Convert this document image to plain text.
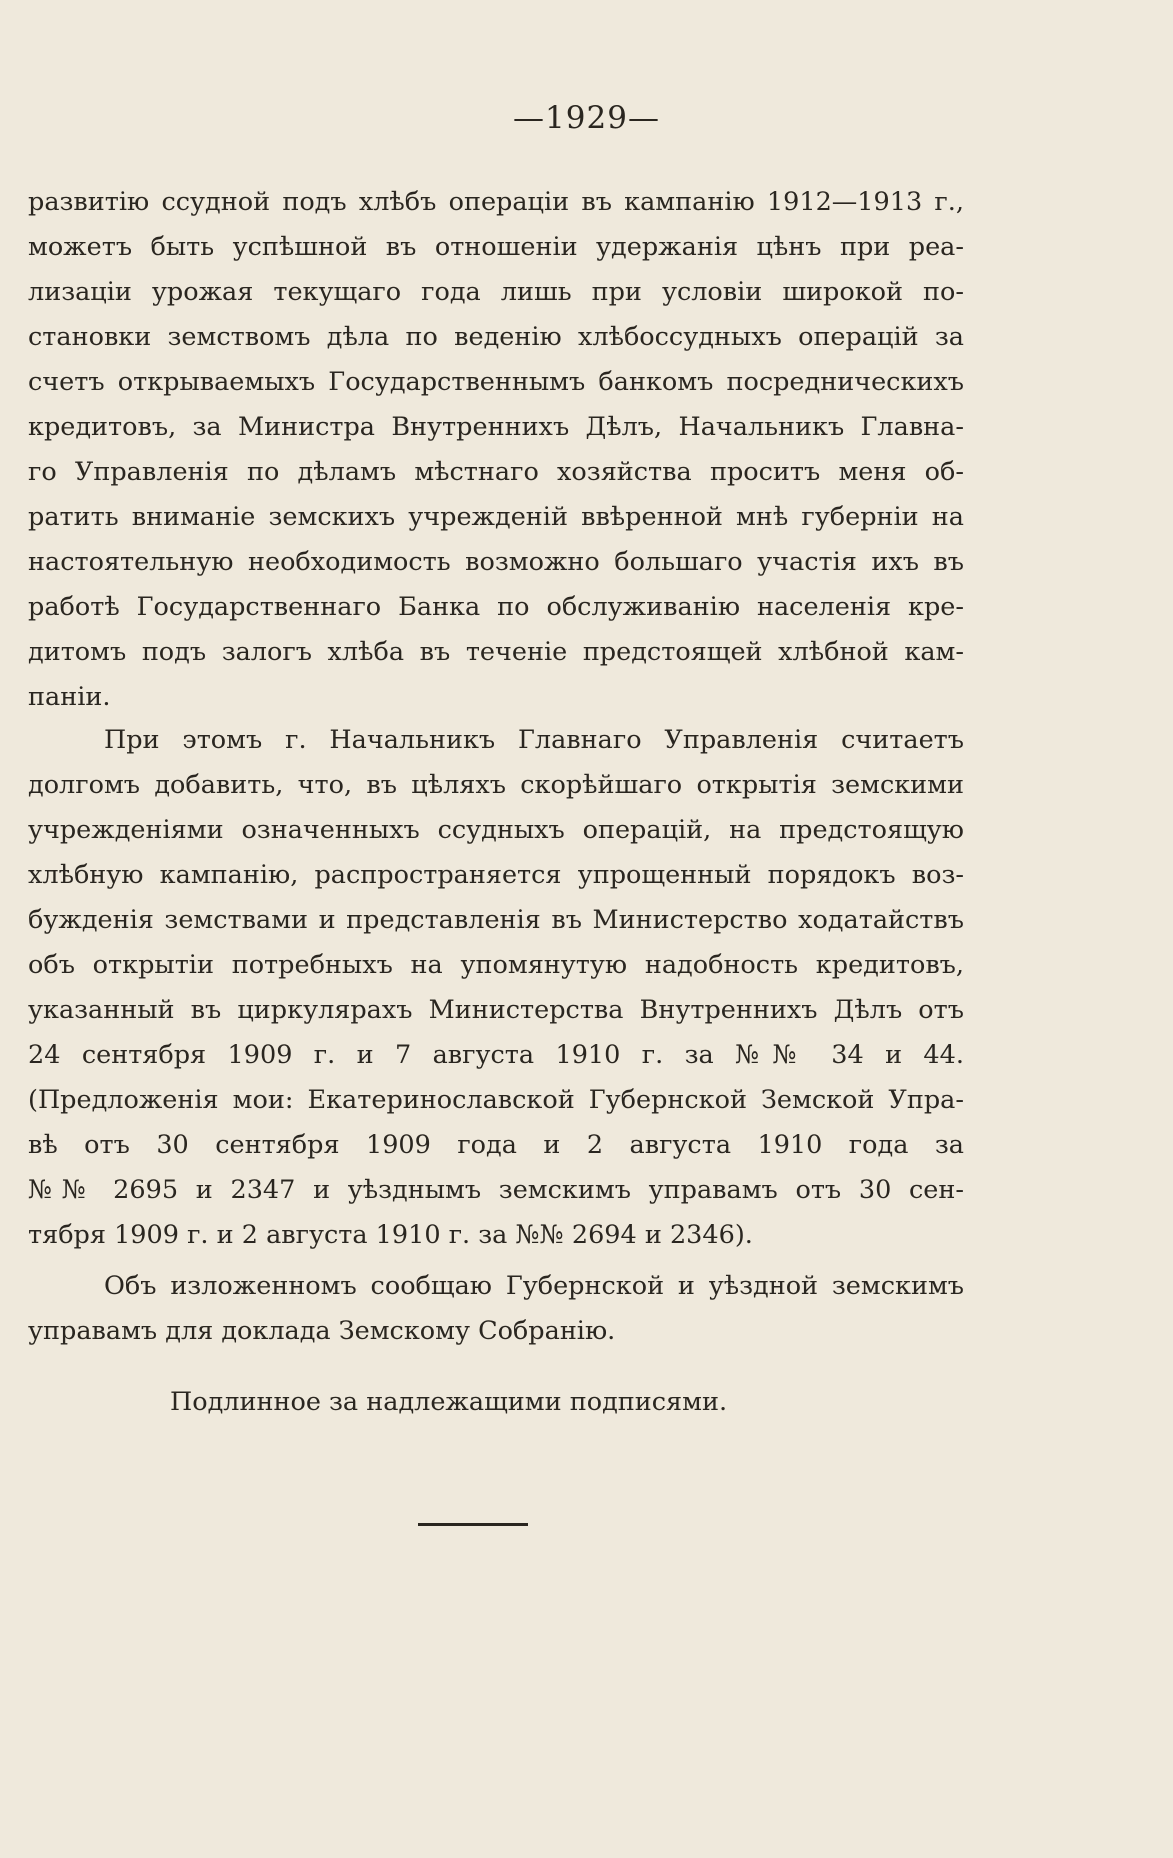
—1929—
развитію ссудной подъ хлѣбъ операціи въ кампанію 1912—1913 г.,
можетъ быть успѣшной въ отношеніи удержанія цѣнъ при реа-
лизаціи урожая текущаго года лишь при условіи широкой по-
становки земствомъ дѣла по веденію хлѣбоссудныхъ операцій за
счетъ открываемыхъ Государственнымъ банкомъ посредническихъ
кредитовъ, за Министра Внутреннихъ Дѣлъ, Начальникъ Главна-
го Управленія по дѣламъ мѣстнаго хозяйства проситъ меня об-
ратить вниманіе земскихъ учрежденій ввѣренной мнѣ губерніи на
настоятельную необходимость возможно большаго участія ихъ въ
работѣ Государственнаго Банка по обслуживанію населенія кре-
дитомъ подъ залогъ хлѣба въ теченіе предстоящей хлѣбной кам-
паніи.
При этомъ г. Начальникъ Главнаго Управленія считаетъ
долгомъ добавить, что, въ цѣляхъ скорѣйшаго открытія земскими
учрежденіями означенныхъ ссудныхъ операцій, на предстоящую
хлѣбную кампанію, распространяется упрощенный порядокъ воз-
бужденія земствами и представленія въ Министерство ходатайствъ
объ открытіи потребныхъ на упомянутую надобность кредитовъ,
указанный въ циркулярахъ Министерства Внутреннихъ Дѣлъ отъ
24 сентября 1909 г. и 7 августа 1910 г. за №№ 34 и 44.
(Предложенія мои: Екатеринославской Губернской Земской Упра-
вѣ отъ 30 сентября 1909 года и 2 августа 1910 года за
№№ 2695 и 2347 и уѣзднымъ земскимъ управамъ отъ 30 сен-
тября 1909 г. и 2 августа 1910 г. за №№ 2694 и 2346).
Объ изложенномъ сообщаю Губернской и уѣздной земскимъ
управамъ для доклада Земскому Собранію.
Подлинное за надлежащими подписями.
